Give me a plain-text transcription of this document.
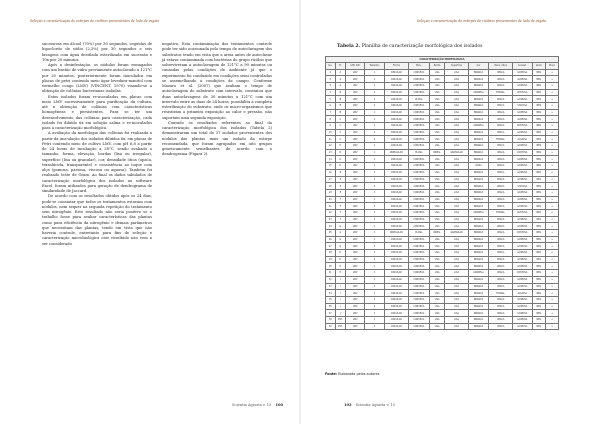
Seleção e caracterização de estirpes de rizóbios provenientes de lodo de esgoto

sucessivas em álcool (70%) por 30 segundos, seguidas de hipoclorito de sódio (2,5%) por 30 segundos e seis lavagens com água destilada esterilizada em sucessão e 10x por 20 minutos.

Após a desinfestação, os nódulos foram esmagados com um bastão de vidro previamente autoclavado a 121°C por 20 minutos, posteriormente foram inoculados em placas de petri contendo meio ágar levedura-manitol com vermelho congo (LMV) (VINCENT, 1970) visando-se a obtenção de colônias bacterianas isoladas.

Estes isolados foram re-inoculados em placas com meio LMV sucessivamente para purificação da cultura, até a obtenção de colônias com características homogêneas e persistentes. Para se ter um desenvolvimento das colônias para caracterização, cada isolado foi diluído 6x em solução salina e re-inoculados para a caracterização morfológica.

A avaliação da morfologia das colônias foi realizada a partir da inoculação dos isolados diluídos 6x, em placas de Petri contendo meio de cultivo LMV, com pH 6,8 a partir de 24 horas de incubação a 28°C, sendo avaliado o tamanho, forma, elevação, bordas (lisa ou irregular), superfície (lisa ou granular), cor, densidade ótica (opaca, translúcida, transparente) e consistência ao toque com alça (gomosa, pastosa, viscosa ou aquosa). Também foi realizado teste de Gram. Ao final os dados tabulados de caracterização morfológica dos isolados no software Excel, foram utilizados para geração de dendrograma de similaridade de Jaccard.

De acordo com os resultados obtidos após os 24 dias, pode-se constatar que todos os tratamentos estavam com nódulos, nem sequer na segunda repetição do tratamento sem nitrogênio. Este resultado não seria positivo se o trabalho fosse para avaliar características das plantas como para eficiência da nitrogênio e demais parâmetros que necessitam das plantas, tendo em vista que não haveria controle, entretanto para fins de seleção e caracterização microbiológica este resultado não vem a ser considerado

negativo. Esta contaminação dos tratamentos controle pode ter sido ocasionada pelo tempo de autoclavagem dos substratos tendo em vista que a areia antes de autoclavar já estava contaminada com bactérias do grupo rizóbio que sobreviveram a autoclavagem de 121°C a 90 minutos ou causadas pelas condições de ambiente já que o experimento foi conduzido em condições semi controladas se assemelhando a condições de campo. Conforme Mazaro et al. (2007) que avaliam o tempo de autoclavagem do substrato com intervalo, constatou que duas autoclavagens de 30 minutos a 121°C com um intervalo entre as duas de 24 horas, possibilita a completa esterilização do substrato, onde os micro-organismos que resistiram a primeira exposição ao calor e pressão, não suportam uma segunda exposição.

Contudo os resultados referentes ao final da caracterização morfológica dos isolados (Tabela 2) demonstraram um total de 37 isolados provenientes dos nódulos das plantas mais um isolado da estirpe recomendada, que foram agrupados em oito grupos geneticamente semelhantes de acordo com o dendrograma (Figura 2).

Scientia Agraria v. 15 100
Seleção e caracterização de estirpes de rizóbios provenientes de lodo de esgoto
102 Scientia Agraria v. 15
Tabela 2. Planilha de caracterização morfológica dos isolados
CARACTERIZAÇÃO MORFOLÓGICA												
Iso.	Tr.	LMV 24h	Tamanho	Forma	Elev.	Borda	Superfície	Cor	Dens. ótica	Consist.	Gram	Muco
1	A	LMV	1	CIRCULAR	CONVEXA	LISA	LISA	BRANCA	OPACA	GOMOSA	NEG	+
2	A	LMV	1	CIRCULAR	CONVEXA	LISA	LISA	BRANCA	OPACA	GOMOSA	NEG	+
3	A	LMV	1	CIRCULAR	CONVEXA	LISA	LISA	BRANCA	OPACA	GOMOSA	NEG	+
4	B	LMV	1	CIRCULAR	CONVEXA	LISA	LISA	AMARELA	TRANSL.	PASTOSA	NEG	+
5	B	LMV	1	CIRCULAR	PLANA	LISA	LISA	BRANCA	OPACA	GOMOSA	NEG	+
6	B	LMV	2	CIRCULAR	CONVEXA	LISA	LISA	BRANCA	OPACA	VISCOSA	NEG	+
7	B	LMV	1	CIRCULAR	CONVEXA	LISA	LISA	BRANCA	OPACA	GOMOSA	NEG	+
8	C	LMV	1	CIRCULAR	CONVEXA	LISA	LISA	BRANCA	OPACA	GOMOSA	NEG	+
9	C	LMV	1	CIRCULAR	CONVEXA	LISA	LISA	AMARELA	OPACA	PASTOSA	NEG	+
10	C	LMV	1	CIRCULAR	CONVEXA	LISA	LISA	BRANCA	OPACA	GOMOSA	NEG	+
11	C	LMV	2	CIRCULAR	CONVEXA	LISA	LISA	BRANCA	TRANSL.	AQUOSA	NEG	+
12	D	LMV	1	CIRCULAR	CONVEXA	LISA	LISA	BRANCA	OPACA	GOMOSA	NEG	+
13	D	LMV	1	IRREGULAR	PLANA	IRREG.	GRANULAR	BRANCA	OPACA	PASTOSA	NEG	+
14	D	LMV	1	CIRCULAR	CONVEXA	LISA	LISA	BRANCA	OPACA	GOMOSA	NEG	+
15	D	LMV	1	CIRCULAR	CONVEXA	LISA	LISA	ROSA	OPACA	GOMOSA	NEG	+
16	E	LMV	1	CIRCULAR	CONVEXA	LISA	LISA	BRANCA	OPACA	GOMOSA	NEG	+
17	E	LMV	1	CIRCULAR	CONVEXA	LISA	LISA	BRANCA	OPACA	GOMOSA	NEG	+
18	E	LMV	2	CIRCULAR	CONVEXA	LISA	LISA	BRANCA	OPACA	VISCOSA	NEG	+
19	E	LMV	1	CIRCULAR	CONVEXA	LISA	LISA	BRANCA	OPACA	GOMOSA	NEG	+
20	F	LMV	1	CIRCULAR	CONVEXA	LISA	LISA	BRANCA	OPACA	GOMOSA	NEG	+
21	F	LMV	1	CIRCULAR	CONVEXA	LISA	LISA	BRANCA	OPACA	GOMOSA	NEG	+
22	F	LMV	1	CIRCULAR	CONVEXA	LISA	LISA	AMARELA	TRANSL.	PASTOSA	NEG	+
23	F	LMV	1	CIRCULAR	CONVEXA	LISA	LISA	BRANCA	OPACA	GOMOSA	NEG	+
24	G	LMV	1	CIRCULAR	CONVEXA	LISA	LISA	BRANCA	OPACA	GOMOSA	NEG	+
25	G	LMV	1	IRREGULAR	PLANA	IRREG.	GRANULAR	BRANCA	OPACA	PASTOSA	NEG	+
26	G	LMV	1	CIRCULAR	CONVEXA	LISA	LISA	BRANCA	OPACA	GOMOSA	NEG	+
27	G	LMV	1	CIRCULAR	CONVEXA	LISA	LISA	BRANCA	OPACA	GOMOSA	NEG	+
28	H	LMV	1	CIRCULAR	CONVEXA	LISA	LISA	BRANCA	OPACA	GOMOSA	NEG	+
29	H	LMV	2	CIRCULAR	CONVEXA	LISA	LISA	BRANCA	OPACA	GOMOSA	NEG	+
30	H	LMV	1	CIRCULAR	CONVEXA	LISA	LISA	BRANCA	OPACA	GOMOSA	NEG	+
31	H	LMV	1	CIRCULAR	CONVEXA	LISA	LISA	AMARELA	OPACA	PASTOSA	NEG	+
32	I	LMV	1	CIRCULAR	CONVEXA	LISA	LISA	BRANCA	OPACA	GOMOSA	NEG	+
33	I	LMV	1	CIRCULAR	CONVEXA	LISA	LISA	BRANCA	OPACA	GOMOSA	NEG	+
34	I	LMV	1	CIRCULAR	CONVEXA	LISA	LISA	BRANCA	TRANSL.	AQUOSA	NEG	+
35	I	LMV	1	CIRCULAR	CONVEXA	LISA	LISA	BRANCA	OPACA	GOMOSA	NEG	+
36	J	LMV	1	CIRCULAR	CONVEXA	LISA	LISA	BRANCA	OPACA	GOMOSA	NEG	+
37	J	LMV	1	CIRCULAR	CONVEXA	LISA	LISA	BRANCA	OPACA	GOMOSA	NEG	+
38	EST.	LMV	1	CIRCULAR	CONVEXA	LISA	LISA	BRANCA	OPACA	GOMOSA	NEG	+
39	EST.	LMV	1	CIRCULAR	CONVEXA	LISA	LISA	BRANCA	OPACA	GOMOSA	NEG	+
Fonte: Elaborada pelos autores
